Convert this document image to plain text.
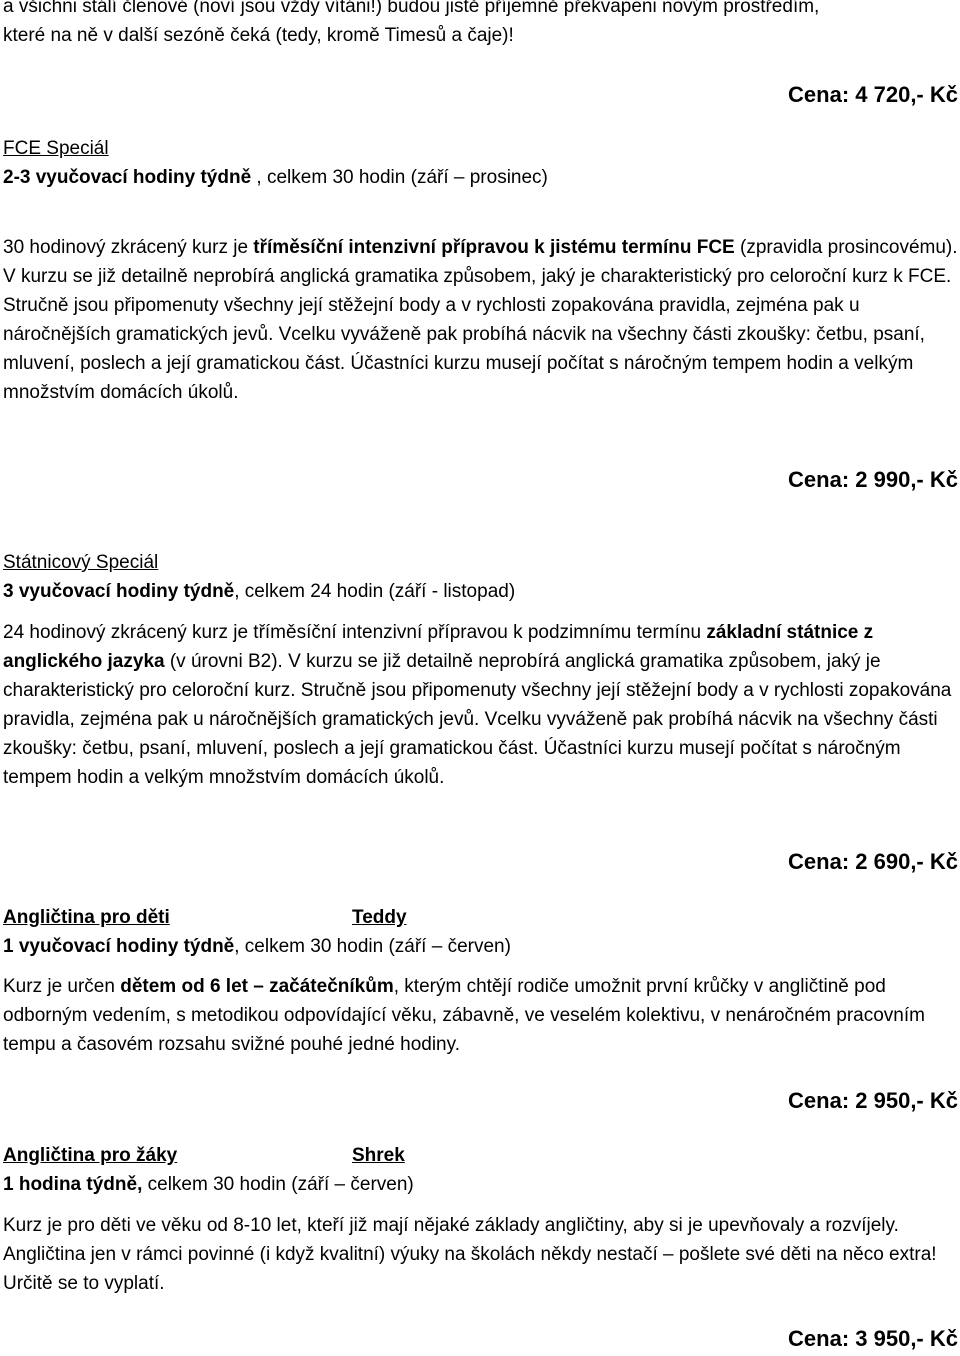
a všichni stálí členové (noví jsou vždy vítáni!) budou jistě příjemně překvapeni novým prostředím,
které na ně v další sezóně čeká (tedy, kromě Timesů a čaje)!

Cena: 4 720,- Kč

FCE Speciál
2-3 vyučovací hodiny týdně , celkem 30 hodin (září – prosinec)

30 hodinový zkrácený kurz je tříměsíční intenzivní přípravou k jistému termínu FCE (zpravidla prosincovému). V kurzu se již detailně neprobírá anglická gramatika způsobem, jaký je charakteristický pro celoroční kurz k FCE. Stručně jsou připomenuty všechny její stěžejní body a v rychlosti zopakována pravidla, zejména pak u náročnějších gramatických jevů. Vcelku vyváženě pak probíhá nácvik na všechny části zkoušky: četbu, psaní, mluvení, poslech a její gramatickou část. Účastníci kurzu musejí počítat s náročným tempem hodin a velkým množstvím domácích úkolů.

Cena: 2 990,- Kč

Státnicový Speciál
3 vyučovací hodiny týdně, celkem 24 hodin (září - listopad)

24 hodinový zkrácený kurz je tříměsíční intenzivní přípravou k podzimnímu termínu základní státnice z anglického jazyka (v úrovni B2). V kurzu se již detailně neprobírá anglická gramatika způsobem, jaký je charakteristický pro celoroční kurz. Stručně jsou připomenuty všechny její stěžejní body a v rychlosti zopakována pravidla, zejména pak u náročnějších gramatických jevů. Vcelku vyváženě pak probíhá nácvik na všechny části zkoušky: četbu, psaní, mluvení, poslech a její gramatickou část. Účastníci kurzu musejí počítat s náročným tempem hodin a velkým množstvím domácích úkolů.

Cena: 2 690,- Kč

Angličtina pro děti	Teddy
1 vyučovací hodiny týdně, celkem 30 hodin (září – červen)

Kurz je určen dětem od 6 let – začátečníkům, kterým chtějí rodiče umožnit první krůčky v angličtině pod odborným vedením, s metodikou odpovídající věku, zábavně, ve veselém kolektivu, v nenáročném pracovním tempu a časovém rozsahu svižné pouhé jedné hodiny.

Cena: 2 950,- Kč

Angličtina pro žáky	Shrek
1 hodina týdně, celkem 30 hodin (září – červen)

Kurz je pro děti ve věku od 8-10 let, kteří již mají nějaké základy angličtiny, aby si je upevňovaly a rozvíjely. Angličtina jen v rámci povinné (i když kvalitní) výuky na školách někdy nestačí – pošlete své děti na něco extra! Určitě se to vyplatí.

Cena: 3 950,- Kč
